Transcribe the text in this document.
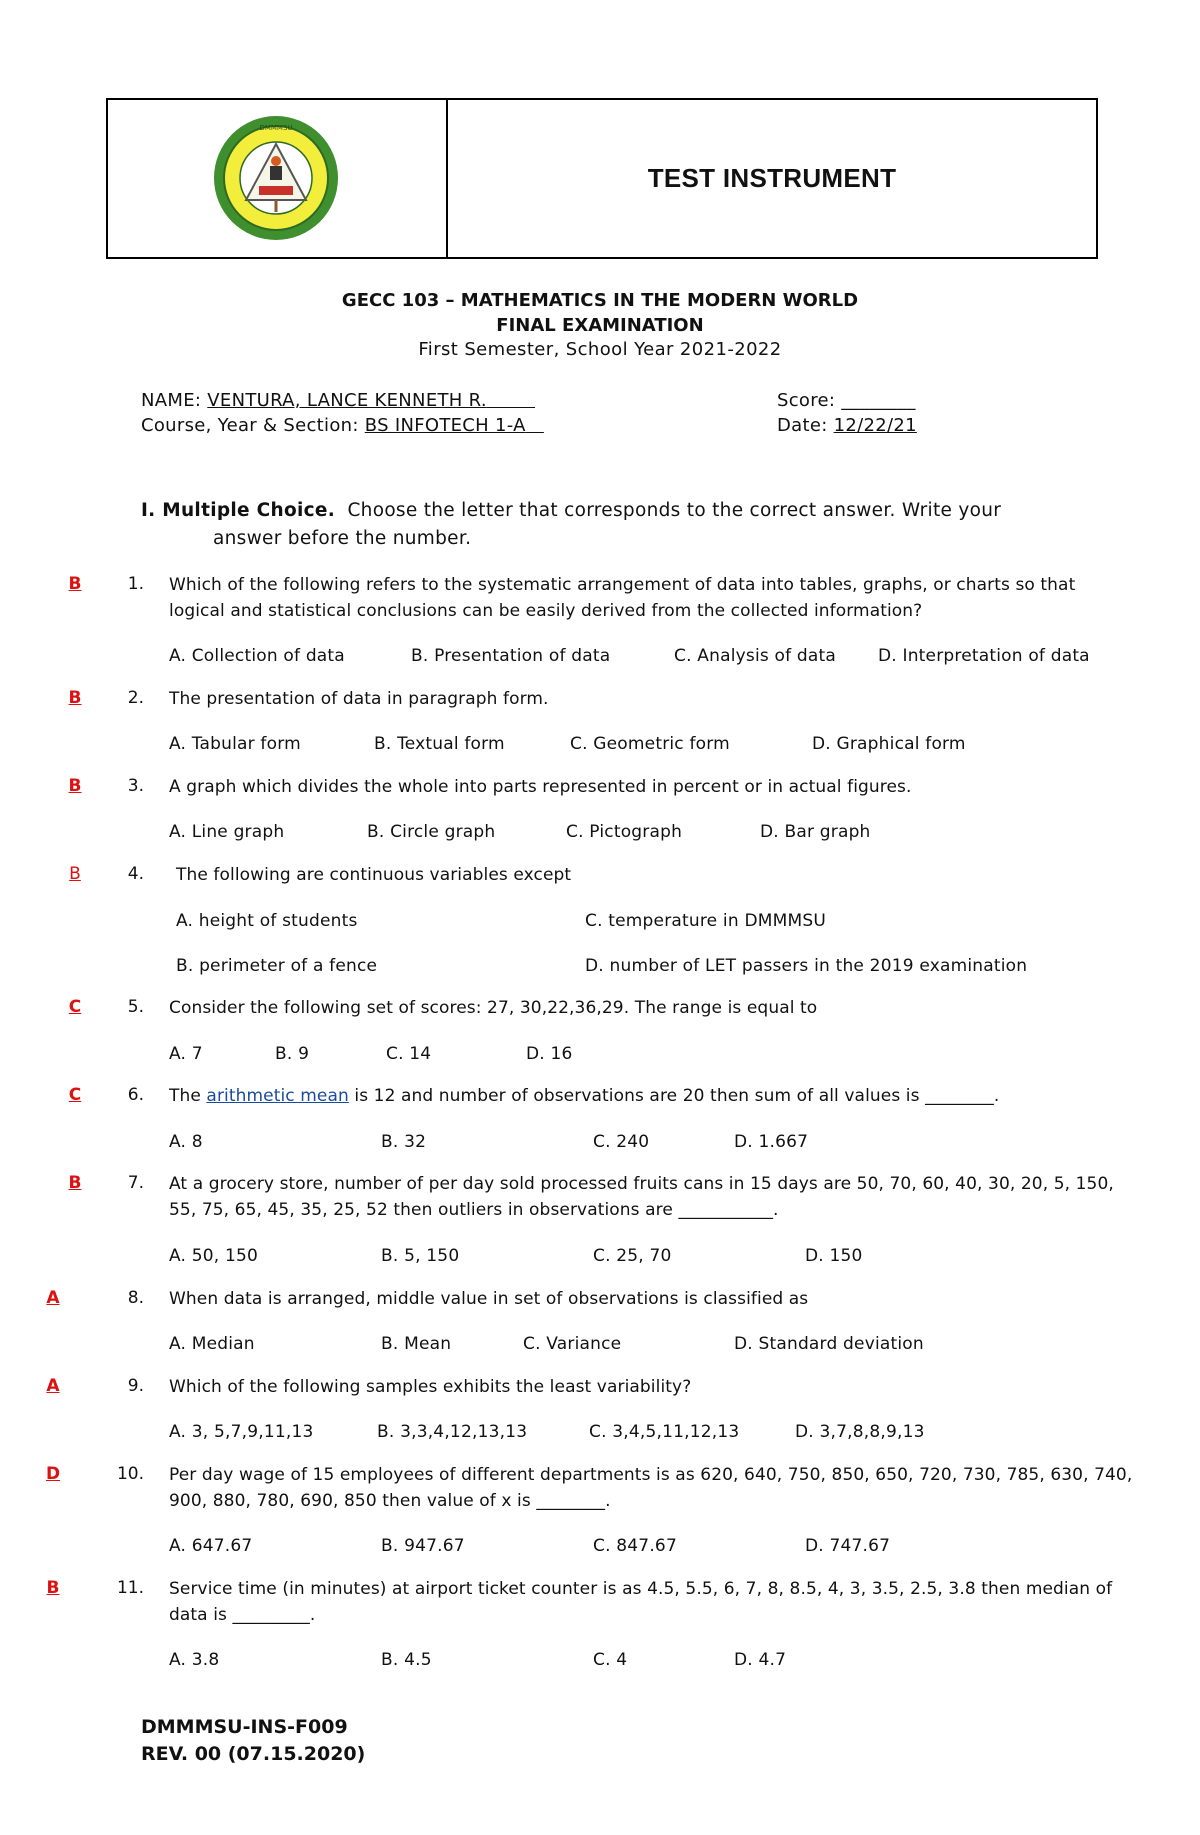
DMMMSU
TEST INSTRUMENT
GECC 103 – MATHEMATICS IN THE MODERN WORLD
FINAL EXAMINATION
First Semester, School Year 2021-2022
NAME: VENTURA, LANCE KENNETH R.
Course, Year & Section: BS INFOTECH 1-A
Score: ________
Date: 12/22/21
I. Multiple Choice. Choose the letter that corresponds to the correct answer. Write your
answer before the number.
B	1. Which of the following refers to the systematic arrangement of data into tables, graphs, or charts so that logical and statistical conclusions can be easily derived from the collected information?
A. Collection of data	B. Presentation of data	C. Analysis of data D. Interpretation of data
B	2. The presentation of data in paragraph form.
A. Tabular form	B. Textual form	C. Geometric form	D. Graphical form
B	3. A graph which divides the whole into parts represented in percent or in actual figures.
A. Line graph	B. Circle graph	C. Pictograph	D. Bar graph
B	4. The following are continuous variables except
A. height of students	C. temperature in DMMMSU
B. perimeter of a fence	D. number of LET passers in the 2019 examination
C	5. Consider the following set of scores: 27, 30,22,36,29. The range is equal to
A. 7	B. 9	C. 14	D. 16
C	6. The arithmetic mean is 12 and number of observations are 20 then sum of all values is ________.
A. 8	B. 32	C. 240	D. 1.667
B	7. At a grocery store, number of per day sold processed fruits cans in 15 days are 50, 70, 60, 40, 30, 20, 5, 150, 55, 75, 65, 45, 35, 25, 52 then outliers in observations are ___________.
A. 50, 150	B. 5, 150	C. 25, 70	D. 150
A	8. When data is arranged, middle value in set of observations is classified as
A. Median	B. Mean	C. Variance	D. Standard deviation
A	9. Which of the following samples exhibits the least variability?
A. 3, 5,7,9,11,13	B. 3,3,4,12,13,13	C. 3,4,5,11,12,13	D. 3,7,8,8,9,13
D	10. Per day wage of 15 employees of different departments is as 620, 640, 750, 850, 650, 720, 730, 785, 630, 740, 900, 880, 780, 690, 850 then value of x is ________.
A. 647.67	B. 947.67	C. 847.67	D. 747.67
B	11. Service time (in minutes) at airport ticket counter is as 4.5, 5.5, 6, 7, 8, 8.5, 4, 3, 3.5, 2.5, 3.8 then median of data is _________.
A. 3.8	B. 4.5	C. 4	D. 4.7
DMMMSU-INS-F009
REV. 00 (07.15.2020)
